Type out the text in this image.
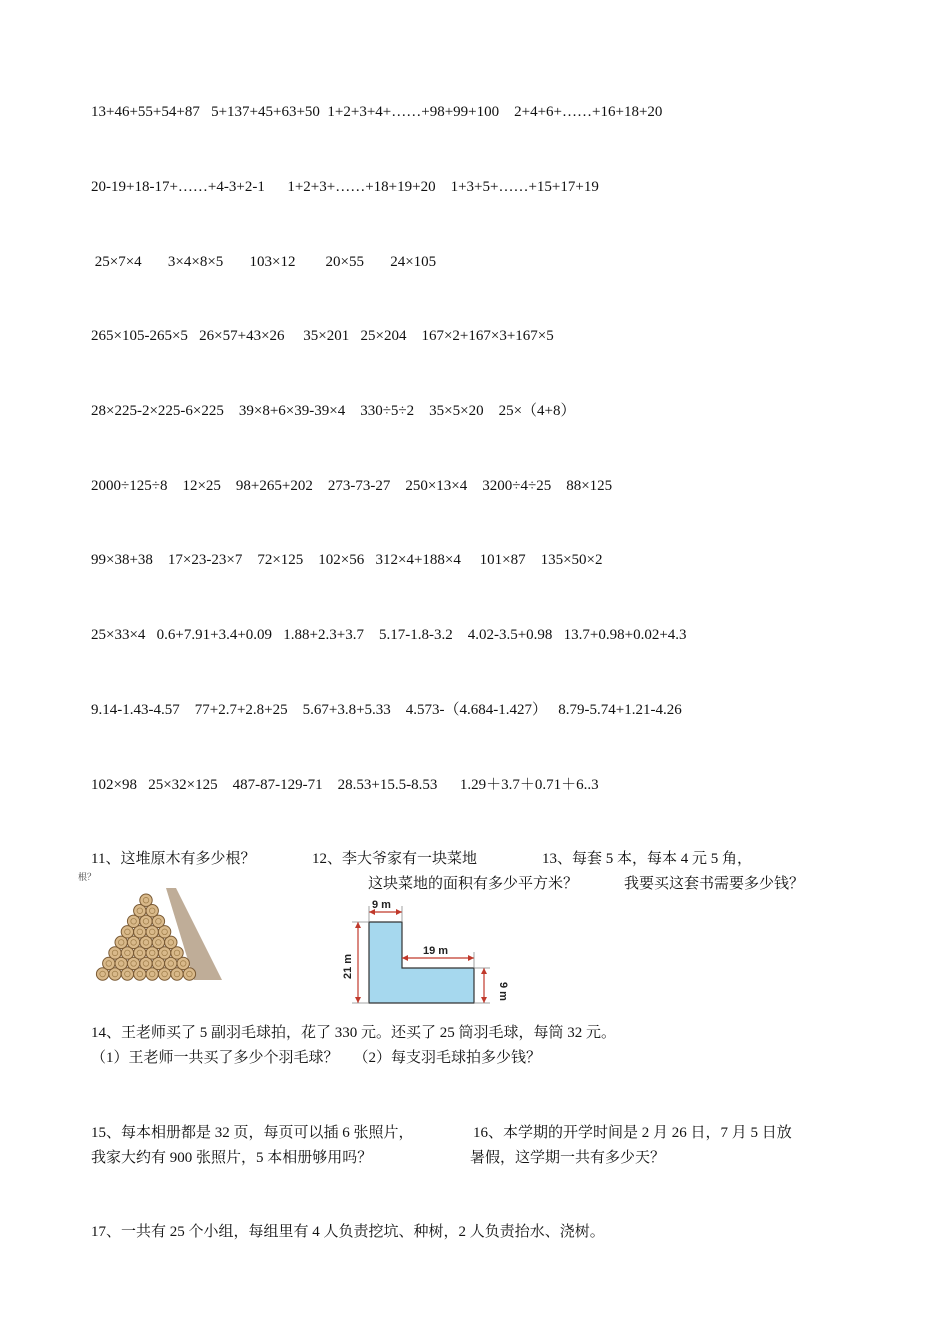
13+46+55+54+87   5+137+45+63+50  1+2+3+4+……+98+99+100    2+4+6+……+16+18+20
20-19+18-17+……+4-3+2-1      1+2+3+……+18+19+20    1+3+5+……+15+17+19
25×7×4       3×4×8×5       103×12        20×55       24×105
265×105-265×5   26×57+43×26     35×201   25×204    167×2+167×3+167×5
28×225-2×225-6×225    39×8+6×39-39×4    330÷5÷2    35×5×20    25×（4+8）
2000÷125÷8    12×25    98+265+202    273-73-27    250×13×4    3200÷4÷25    88×125
99×38+38    17×23-23×7    72×125    102×56   312×4+188×4     101×87    135×50×2
25×33×4   0.6+7.91+3.4+0.09   1.88+2.3+3.7    5.17-1.8-3.2    4.02-3.5+0.98   13.7+0.98+0.02+4.3
9.14-1.43-4.57    77+2.7+2.8+25    5.67+3.8+5.33    4.573-（4.684-1.427）   8.79-5.74+1.21-4.26
102×98   25×32×125    487-87-129-71    28.53+15.5-8.53      1.29＋3.7＋0.71＋6..3
11、这堆原木有多少根？
根？
12、李大爷家有一块菜地
这块菜地的面积有多少平方米？
13、每套 5 本，每本 4 元 5 角，
我要买这套书需要多少钱？
9 m
19 m
21 m
9 m
14、王老师买了 5 副羽毛球拍，花了 330 元。还买了 25 筒羽毛球，每筒 32 元。
（1）王老师一共买了多少个羽毛球？    （2）每支羽毛球拍多少钱？
15、每本相册都是 32 页，每页可以插 6 张照片，
我家大约有 900 张照片，5 本相册够用吗？
16、本学期的开学时间是 2 月 26 日，7 月 5 日放
暑假，这学期一共有多少天？
17、一共有 25 个小组，每组里有 4 人负责挖坑、种树，2 人负责抬水、浇树。
